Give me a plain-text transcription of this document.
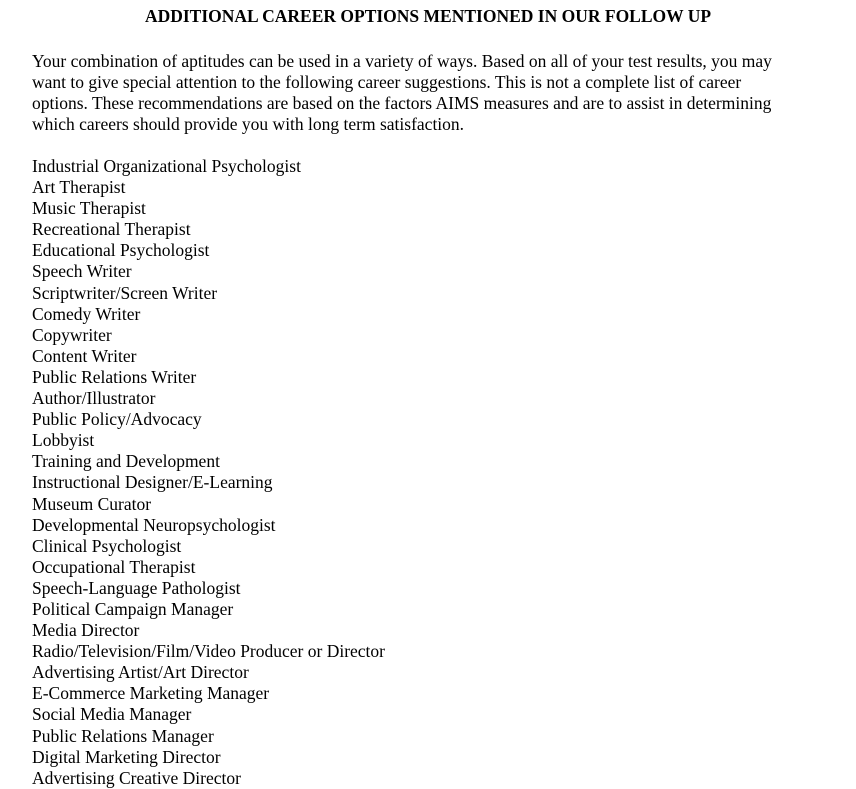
ADDITIONAL CAREER OPTIONS MENTIONED IN OUR FOLLOW UP

Your combination of aptitudes can be used in a variety of ways. Based on all of your test results, you may
want to give special attention to the following career suggestions. This is not a complete list of career
options. These recommendations are based on the factors AIMS measures and are to assist in determining
which careers should provide you with long term satisfaction.

Industrial Organizational Psychologist
Art Therapist
Music Therapist
Recreational Therapist
Educational Psychologist
Speech Writer
Scriptwriter/Screen Writer
Comedy Writer
Copywriter
Content Writer
Public Relations Writer
Author/Illustrator
Public Policy/Advocacy
Lobbyist
Training and Development
Instructional Designer/E-Learning
Museum Curator
Developmental Neuropsychologist
Clinical Psychologist
Occupational Therapist
Speech-Language Pathologist
Political Campaign Manager
Media Director
Radio/Television/Film/Video Producer or Director
Advertising Artist/Art Director
E-Commerce Marketing Manager
Social Media Manager
Public Relations Manager
Digital Marketing Director
Advertising Creative Director
